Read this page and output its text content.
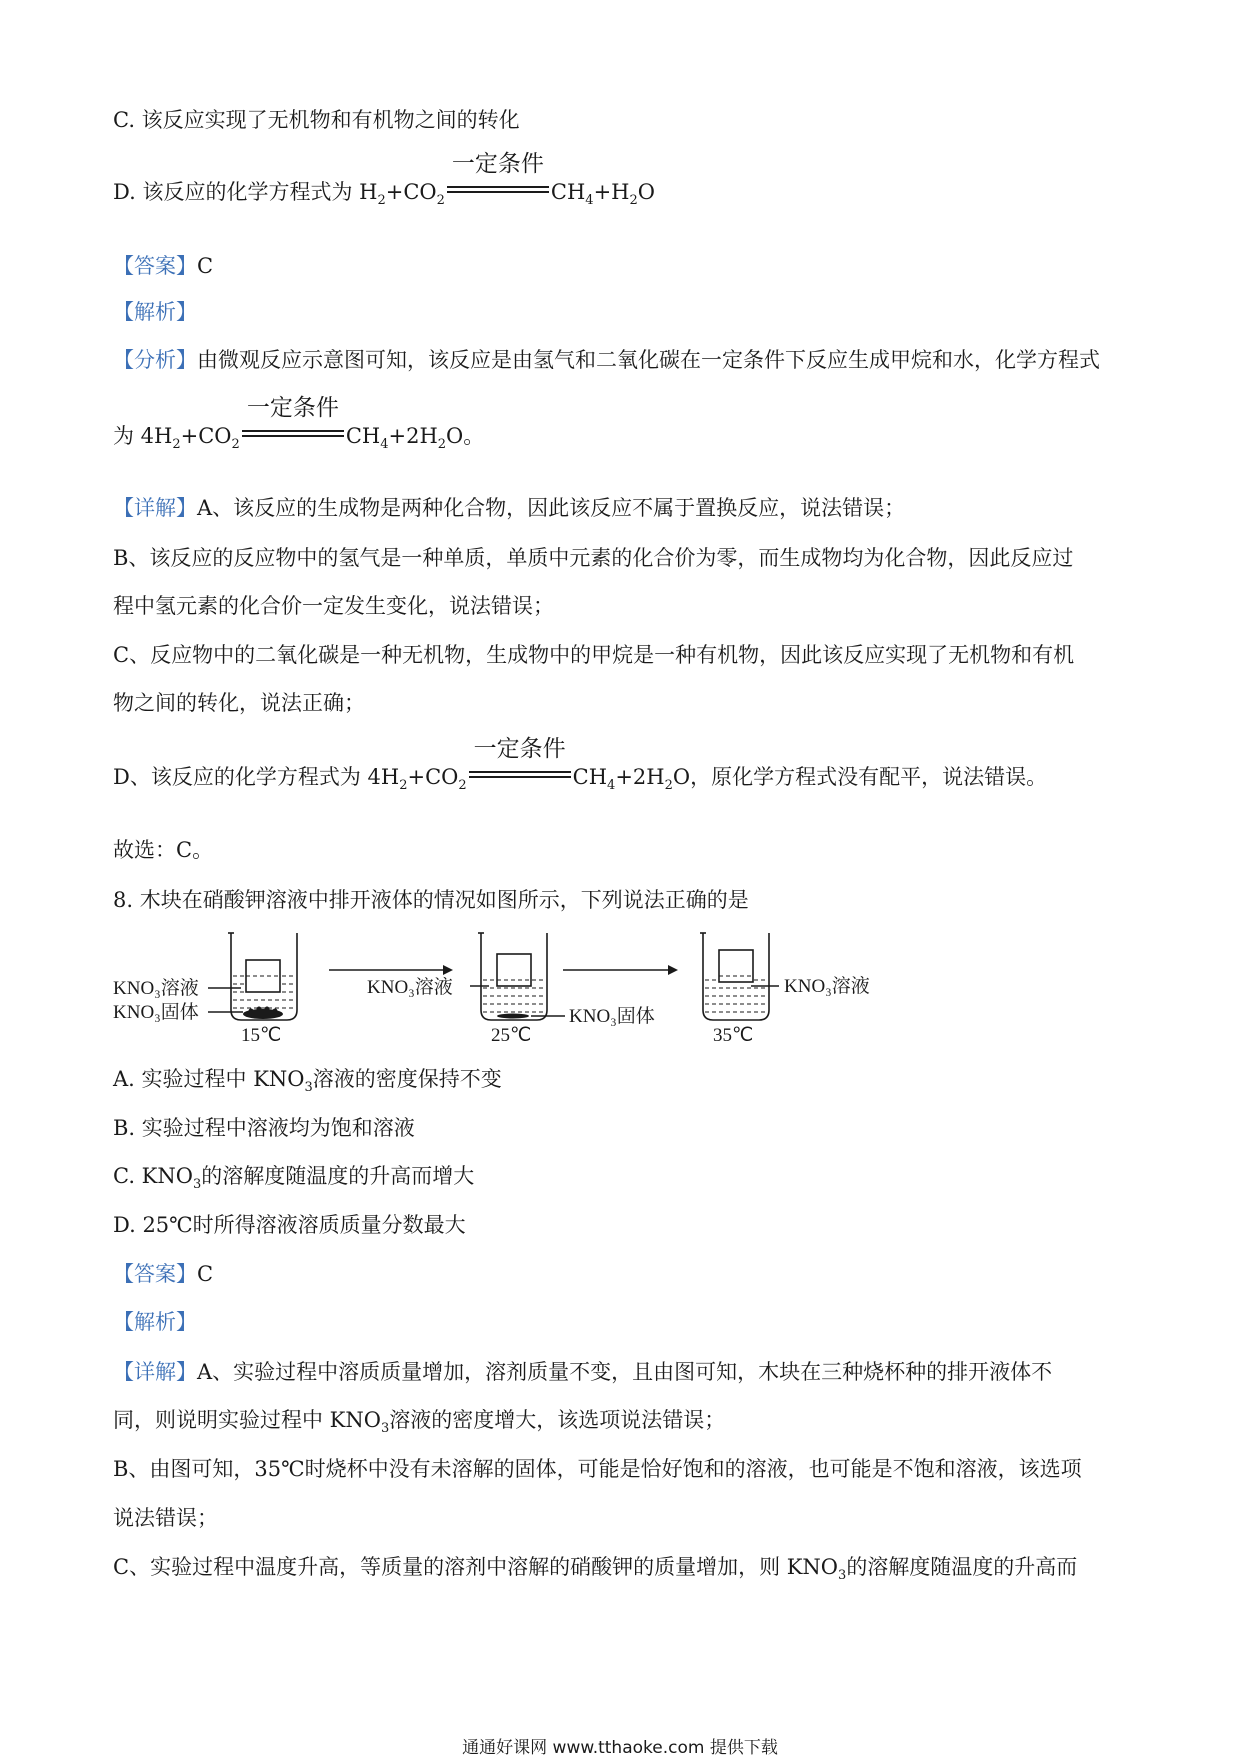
C. 该反应实现了无机物和有机物之间的转化
D. 该反应的化学方程式为 $H_2+CO_2$
一定条件
$CH_4+H_2O$
【答案】C
【解析】
【分析】由微观反应示意图可知，该反应是由氢气和二氧化碳在一定条件下反应生成甲烷和水，化学方程式
为 $4H_2+CO_2$
一定条件
$CH_4+2H_2O$。
【详解】A、该反应的生成物是两种化合物，因此该反应不属于置换反应，说法错误；
B、该反应的反应物中的氢气是一种单质，单质中元素的化合价为零，而生成物均为化合物，因此反应过
程中氢元素的化合价一定发生变化，说法错误；
C、反应物中的二氧化碳是一种无机物，生成物中的甲烷是一种有机物，因此该反应实现了无机物和有机
物之间的转化，说法正确；
D、该反应的化学方程式为 $4H_2+CO_2$
一定条件
$CH_4+2H_2O$，原化学方程式没有配平，说法错误。
故选：C。
8. 木块在硝酸钾溶液中排开液体的情况如图所示，下列说法正确的是
KNO₃溶液
KNO₃固体
15℃
KNO₃溶液
KNO₃固体
25℃
KNO₃溶液
35℃
A. 实验过程中 $KNO_3$溶液的密度保持不变
B. 实验过程中溶液均为饱和溶液
C. $KNO_3$的溶解度随温度的升高而增大
D. 25℃时所得溶液溶质质量分数最大
【答案】C
【解析】
【详解】A、实验过程中溶质质量增加，溶剂质量不变，且由图可知，木块在三种烧杯种的排开液体不
同，则说明实验过程中 $KNO_3$溶液的密度增大，该选项说法错误；
B、由图可知，35℃时烧杯中没有未溶解的固体，可能是恰好饱和的溶液，也可能是不饱和溶液，该选项
说法错误；
C、实验过程中温度升高，等质量的溶剂中溶解的硝酸钾的质量增加，则 $KNO_3$的溶解度随温度的升高而
通通好课网 www.tthaoke.com 提供下载
